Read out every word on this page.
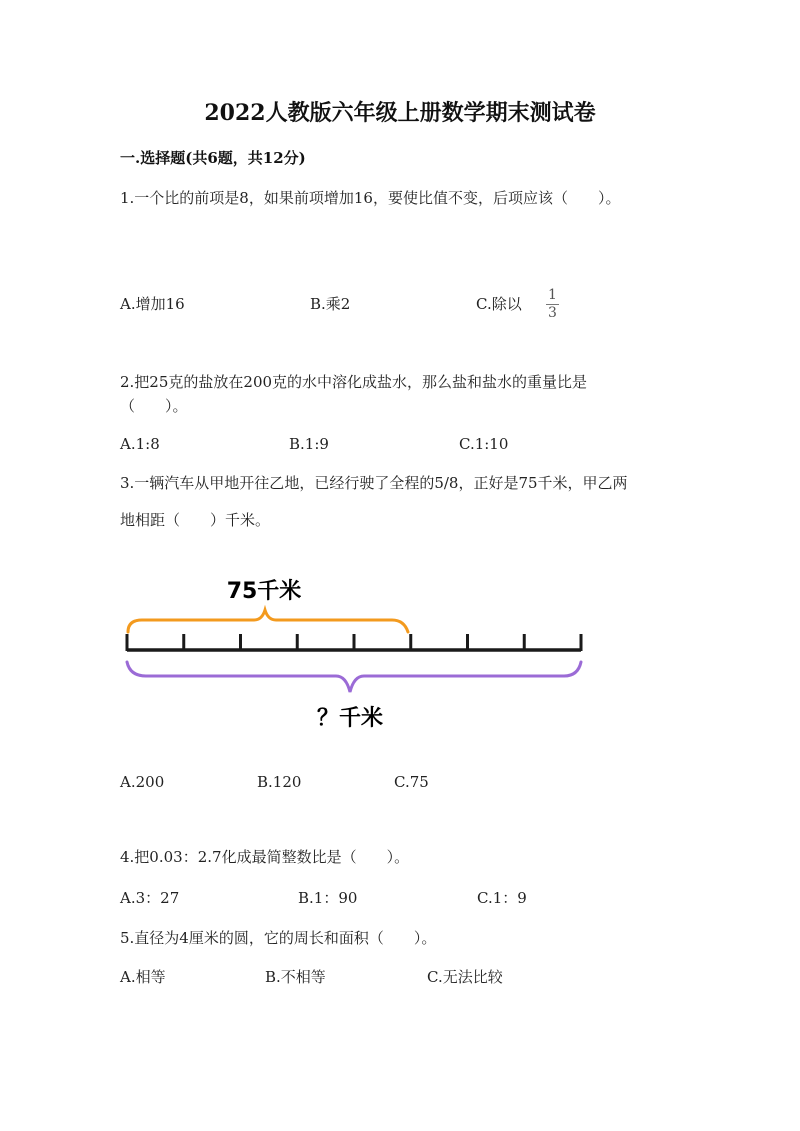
2022人教版六年级上册数学期末测试卷
一.选择题(共6题，共12分)
1.一个比的前项是8，如果前项增加16，要使比值不变，后项应该（　　）。
A.增加16	B.乘2	C.除以 $\frac{1}{3}$
2.把25克的盐放在200克的水中溶化成盐水，那么盐和盐水的重量比是
（　　）。
A.1:8	B.1:9	C.1:10
3.一辆汽车从甲地开往乙地，已经行驶了全程的5/8，正好是75千米，甲乙两
地相距（　　）千米。
75千米
？千米
A.200	B.120	C.75
4.把0.03：2.7化成最简整数比是（　　）。
A.3：27	B.1：90	C.1：9
5.直径为4厘米的圆，它的周长和面积（　　）。
A.相等	B.不相等	C.无法比较
